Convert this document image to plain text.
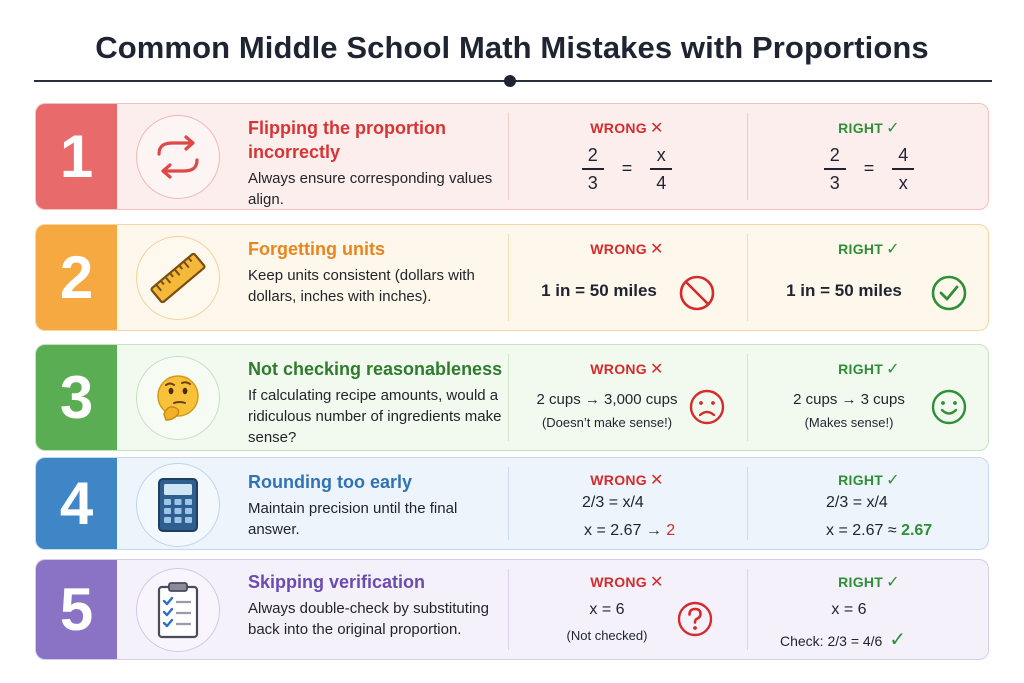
Common Middle School Math Mistakes with Proportions
1	Flipping the proportion incorrectly
Always ensure corresponding values align.
WRONG ✕
$\frac{2}{3} = \frac{x}{4}$
RIGHT ✓
$\frac{2}{3} = \frac{4}{x}$
2	Forgetting units
Keep units consistent (dollars with dollars, inches with inches).
WRONG ✕
1 in = 50 miles
RIGHT ✓
1 in = 50 miles
3	Not checking reasonableness
If calculating recipe amounts, would a ridiculous number of ingredients make sense?
WRONG ✕
2 cups → 3,000 cups
(Doesn’t make sense!)
RIGHT ✓
2 cups → 3 cups
(Makes sense!)
4	Rounding too early
Maintain precision until the final answer.
WRONG ✕
2/3 = x/4
x = 2.67 → 2
RIGHT ✓
2/3 = x/4
x = 2.67 ≈ 2.67
5	Skipping verification
Always double-check by substituting back into the original proportion.
WRONG ✕
x = 6
(Not checked)
RIGHT ✓
x = 6
Check: 2/3 = 4/6 ✓
